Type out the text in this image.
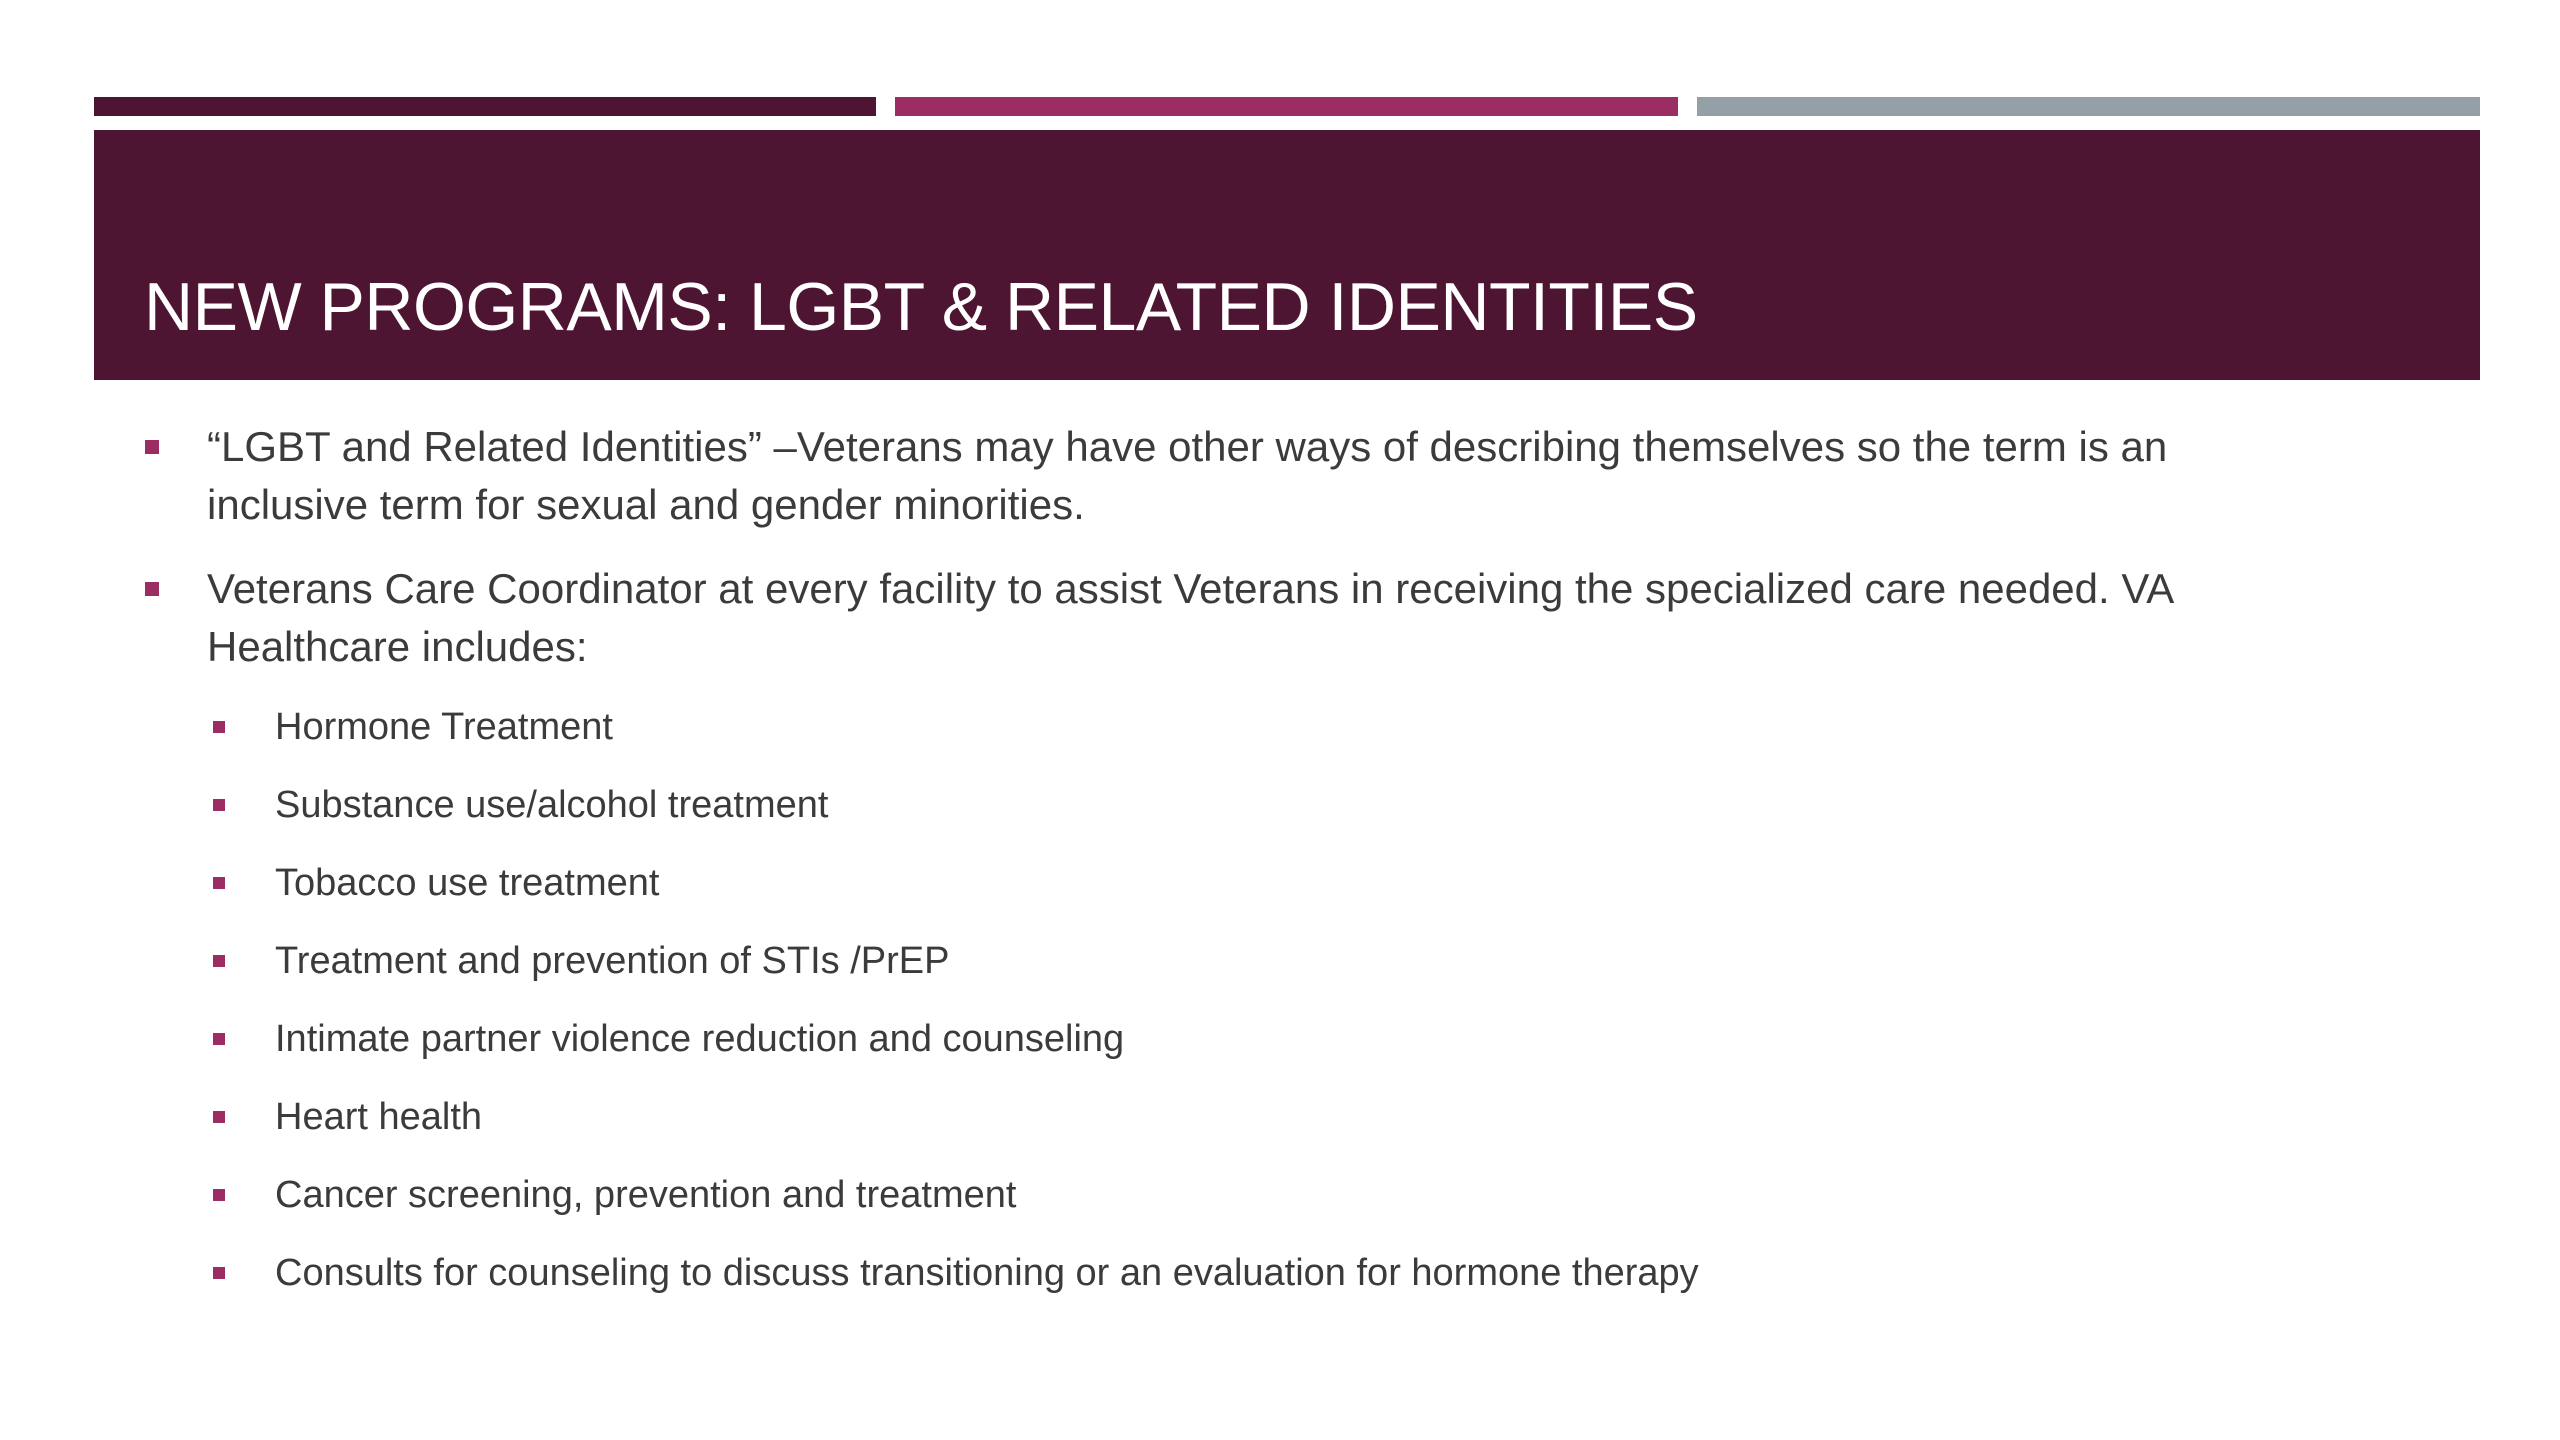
NEW PROGRAMS: LGBT & RELATED IDENTITIES
“LGBT and Related Identities” –Veterans may have other ways of describing themselves so the term is an inclusive term for sexual and gender minorities.
Veterans Care Coordinator at every facility to assist Veterans in receiving the specialized care needed. VA Healthcare includes:
Hormone Treatment
Substance use/alcohol treatment
Tobacco use treatment
Treatment and prevention of STIs /PrEP
Intimate partner violence reduction and counseling
Heart health
Cancer screening, prevention and treatment
Consults for counseling to discuss transitioning or an evaluation for hormone therapy
